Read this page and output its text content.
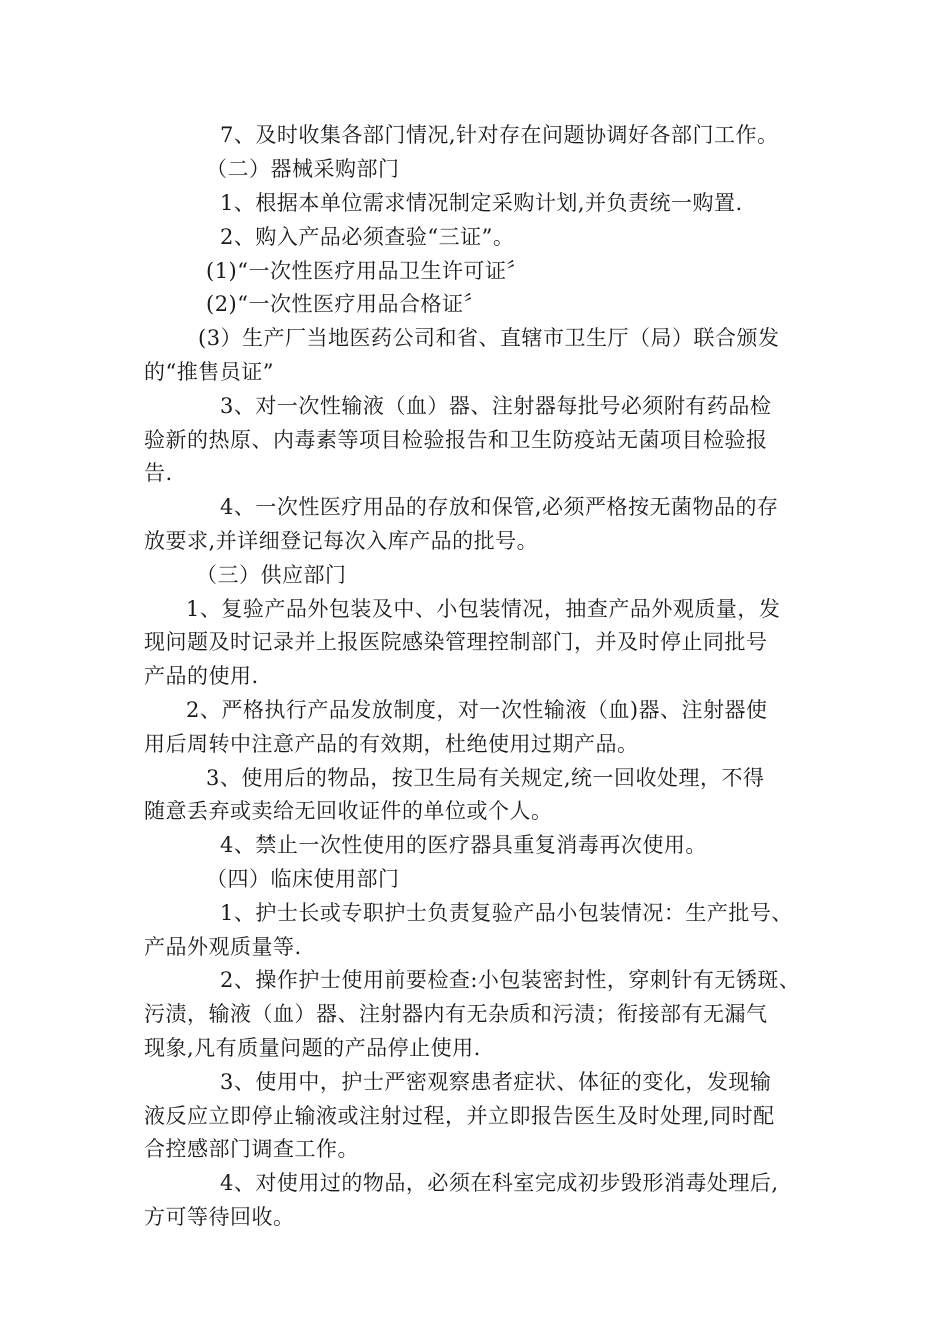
7、及时收集各部门情况,针对存在问题协调好各部门工作。
（二）器械采购部门
1、根据本单位需求情况制定采购计划,并负责统一购置.
2、购入产品必须查验“三证”。
(1)“一次性医疗用品卫生许可证〞
(2)“一次性医疗用品合格证〞
(3）生产厂当地医药公司和省、直辖市卫生厅（局）联合颁发
的“推售员证”
3、对一次性输液（血）器、注射器每批号必须附有药品检
验新的热原、内毒素等项目检验报告和卫生防疫站无菌项目检验报
告.
4、一次性医疗用品的存放和保管,必须严格按无菌物品的存
放要求,并详细登记每次入库产品的批号。
（三）供应部门
1、复验产品外包装及中、小包装情况，抽查产品外观质量，发
现问题及时记录并上报医院感染管理控制部门，并及时停止同批号
产品的使用.
2、严格执行产品发放制度，对一次性输液（血)器、注射器使
用后周转中注意产品的有效期，杜绝使用过期产品。
3、使用后的物品，按卫生局有关规定,统一回收处理，不得
随意丢弃或卖给无回收证件的单位或个人。
4、禁止一次性使用的医疗器具重复消毒再次使用。
（四）临床使用部门
1、护士长或专职护士负责复验产品小包装情况：生产批号、
产品外观质量等.
2、操作护士使用前要检查:小包装密封性，穿刺针有无锈斑、
污渍，输液（血）器、注射器内有无杂质和污渍；衔接部有无漏气
现象,凡有质量问题的产品停止使用.
3、使用中，护士严密观察患者症状、体征的变化，发现输
液反应立即停止输液或注射过程，并立即报告医生及时处理,同时配
合控感部门调查工作。
4、对使用过的物品，必须在科室完成初步毁形消毒处理后,
方可等待回收。
